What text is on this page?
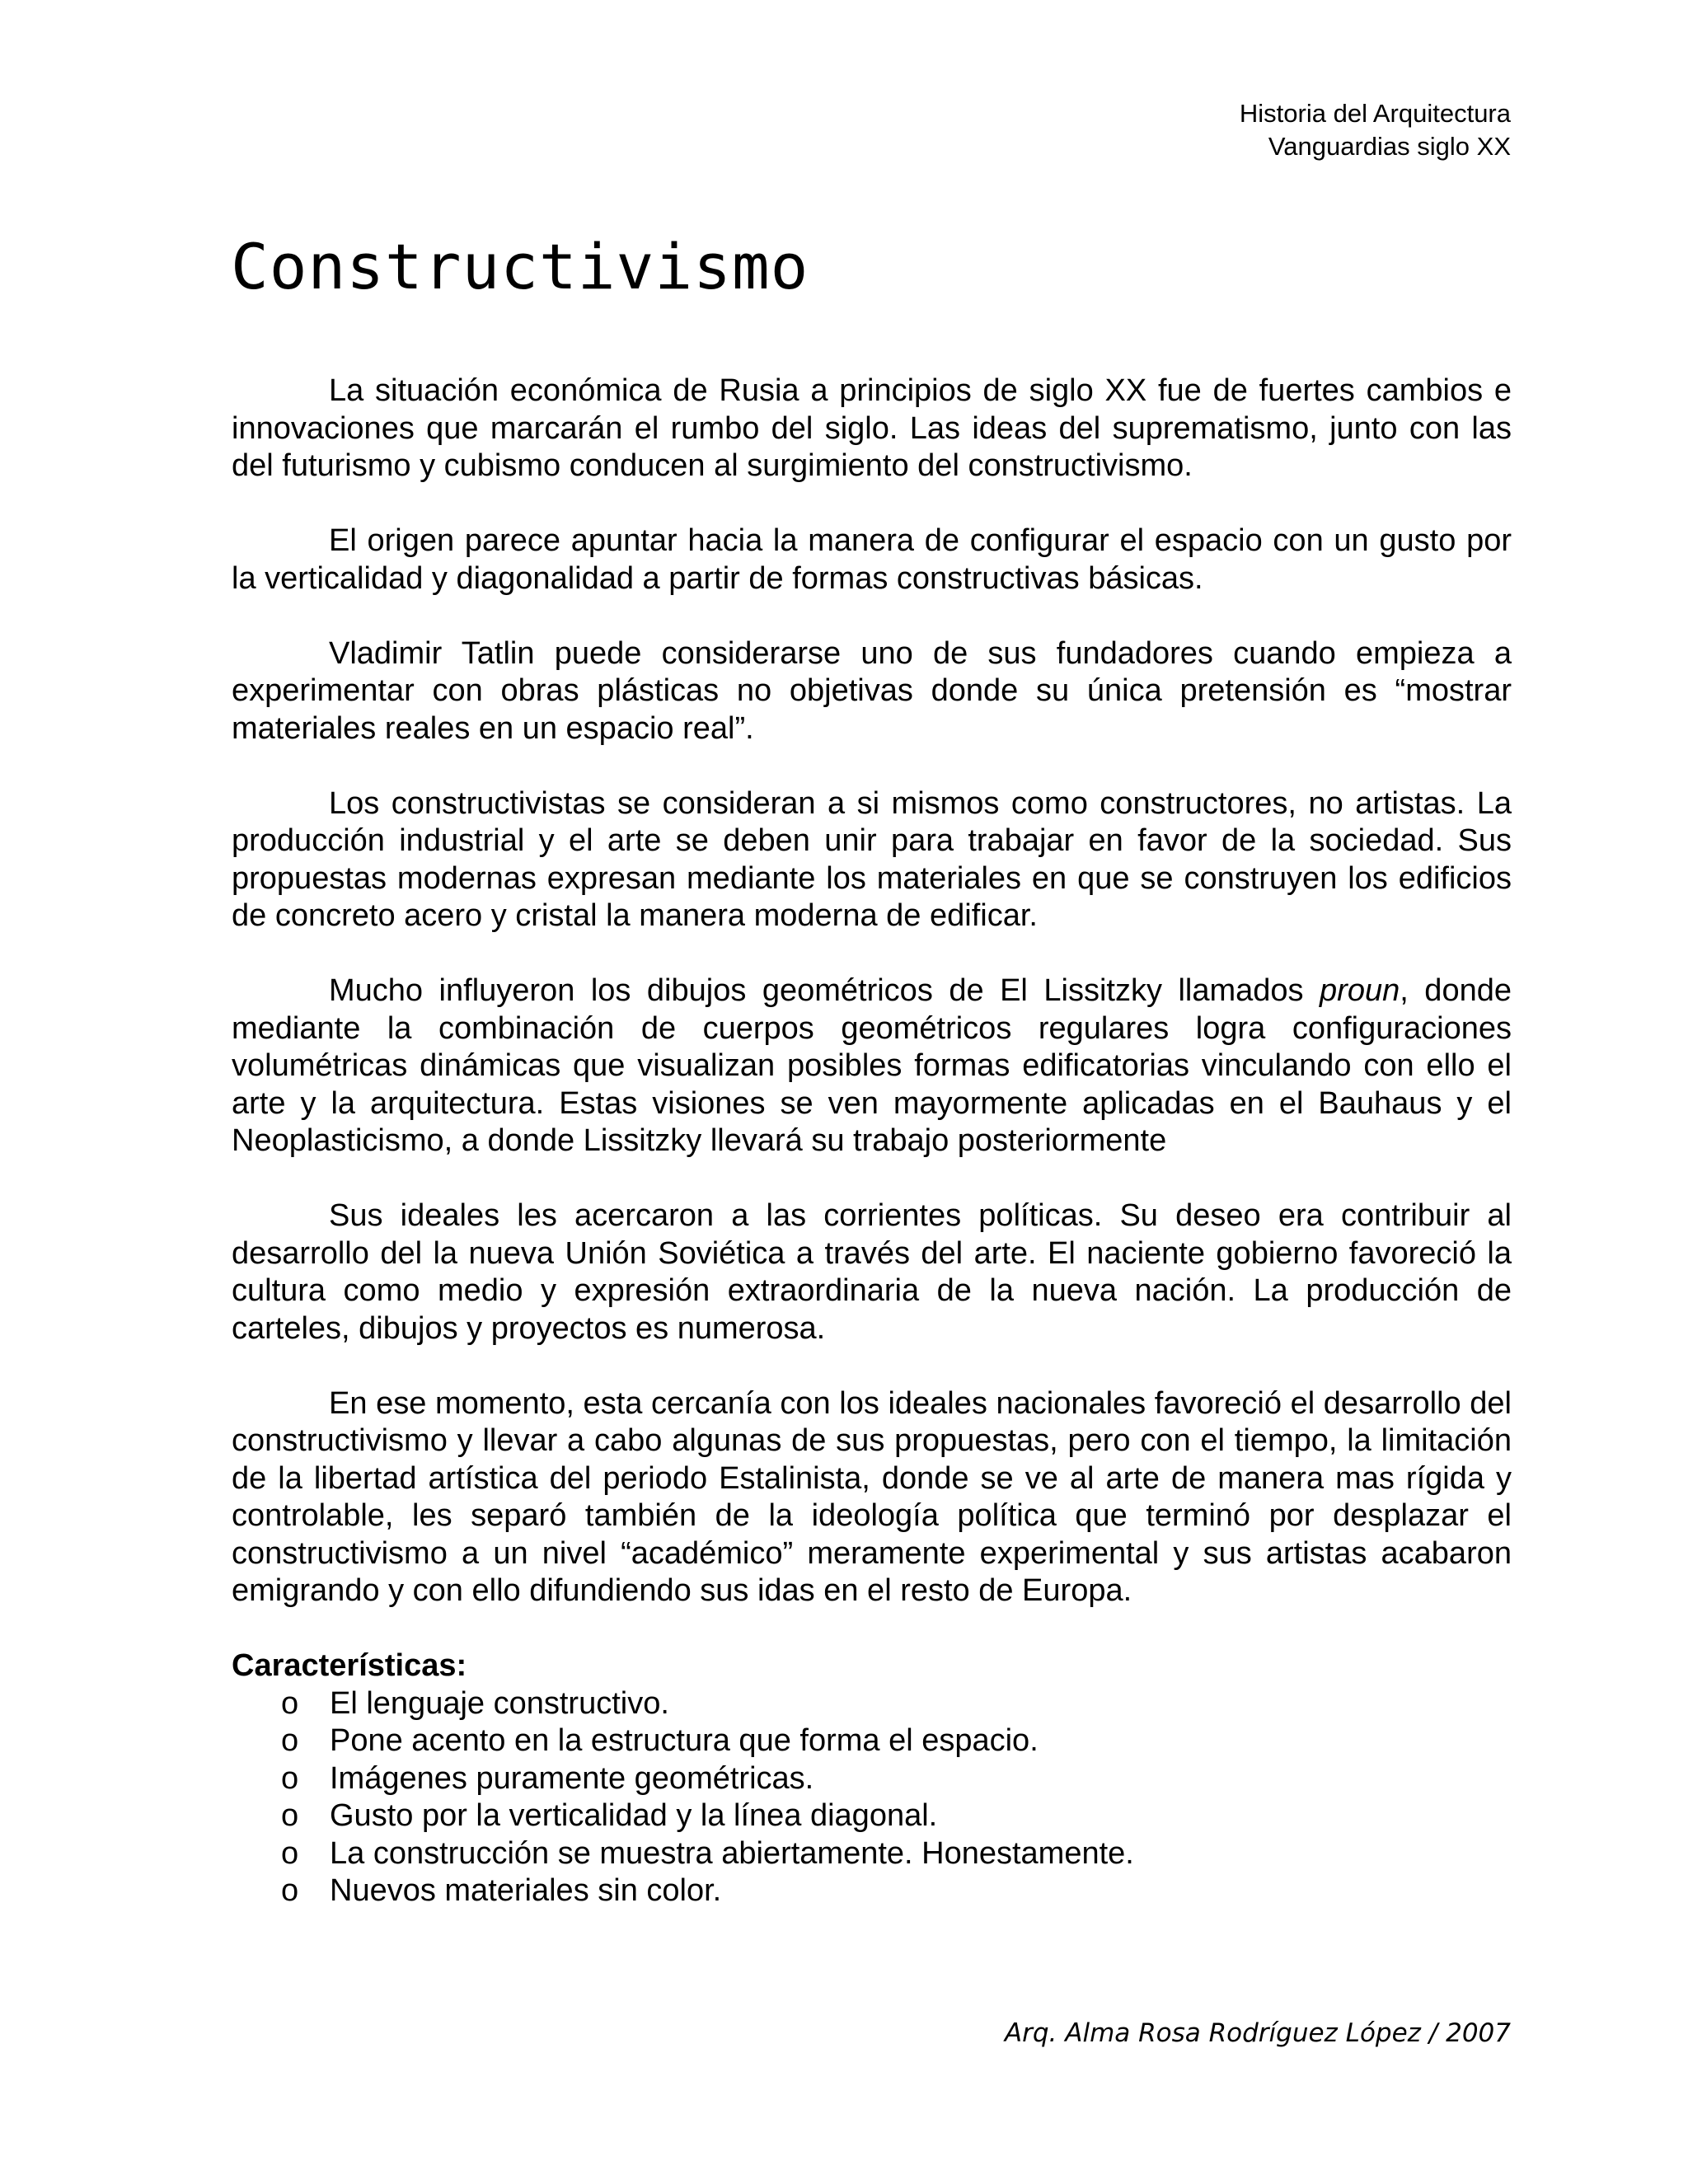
Historia del Arquitectura
Vanguardias siglo XX
Constructivismo

La situación económica de Rusia a principios de siglo XX fue de fuertes cambios e innovaciones que marcarán el rumbo del siglo. Las ideas del suprematismo, junto con las del futurismo y cubismo conducen al surgimiento del constructivismo.

El origen parece apuntar hacia la manera de configurar el espacio con un gusto por la verticalidad y diagonalidad a partir de formas constructivas básicas.

Vladimir Tatlin puede considerarse uno de sus fundadores cuando empieza a experimentar con obras plásticas no objetivas donde su única pretensión es “mostrar materiales reales en un espacio real”.

Los constructivistas se consideran a si mismos como constructores, no artistas. La producción industrial y el arte se deben unir para trabajar en favor de la sociedad. Sus propuestas modernas expresan mediante los materiales en que se construyen los edificios de concreto acero y cristal la manera moderna de edificar.

Mucho influyeron los dibujos geométricos de El Lissitzky llamados proun, donde mediante la combinación de cuerpos geométricos regulares logra configuraciones volumétricas dinámicas que visualizan posibles formas edificatorias vinculando con ello el arte y la arquitectura. Estas visiones se ven mayormente aplicadas en el Bauhaus y el Neoplasticismo, a donde Lissitzky llevará su trabajo posteriormente

Sus ideales les acercaron a las corrientes políticas. Su deseo era contribuir al desarrollo del la nueva Unión Soviética a través del arte. El naciente gobierno favoreció la cultura como medio y expresión extraordinaria de la nueva nación. La producción de carteles, dibujos y proyectos es numerosa.

En ese momento, esta cercanía con los ideales nacionales favoreció el desarrollo del constructivismo y llevar a cabo algunas de sus propuestas, pero con el tiempo, la limitación de la libertad artística del periodo Estalinista, donde se ve al arte de manera mas rígida y controlable, les separó también de la ideología política que terminó por desplazar el constructivismo a un nivel “académico” meramente experimental y sus artistas acabaron emigrando y con ello difundiendo sus idas en el resto de Europa.

Características:
o El lenguaje constructivo.
o Pone acento en la estructura que forma el espacio.
o Imágenes puramente geométricas.
o Gusto por la verticalidad y la línea diagonal.
o La construcción se muestra abiertamente. Honestamente.
o Nuevos materiales sin color.
Arq. Alma Rosa Rodríguez López / 2007
